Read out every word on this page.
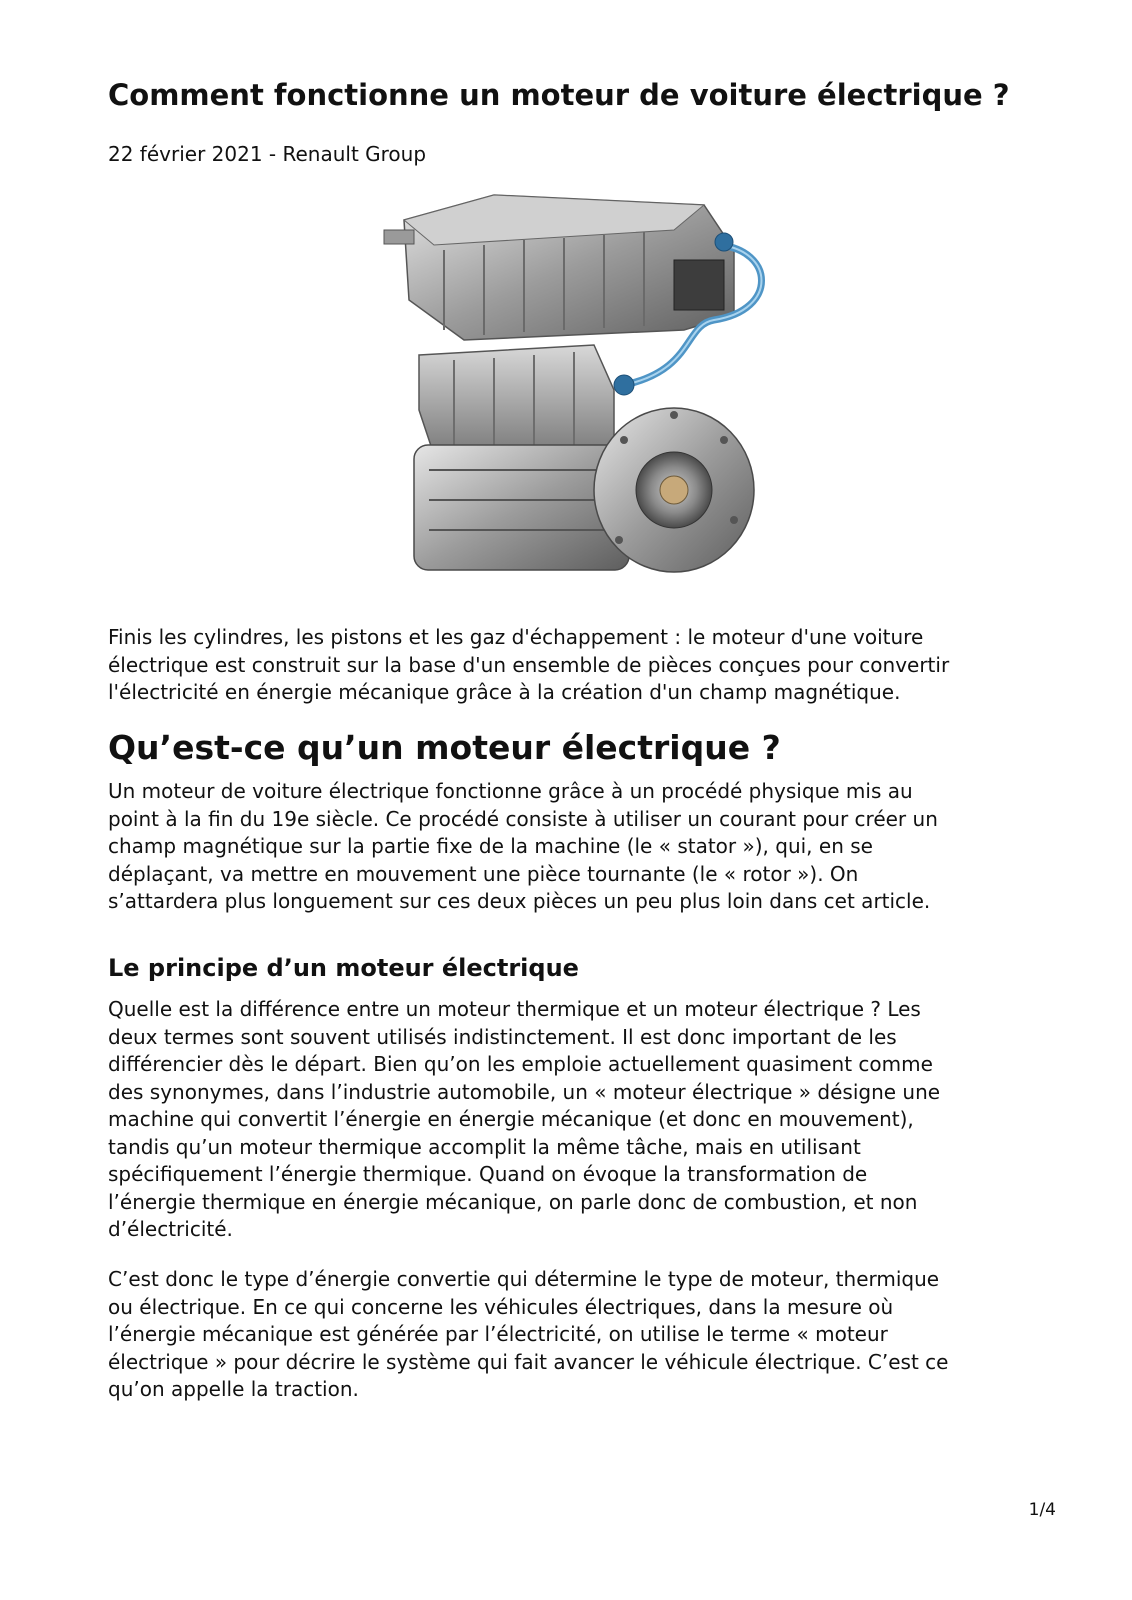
Comment fonctionne un moteur de voiture électrique ?
22 février 2021 - Renault Group

Finis les cylindres, les pistons et les gaz d'échappement : le moteur d'une voiture
électrique est construit sur la base d'un ensemble de pièces conçues pour convertir
l'électricité en énergie mécanique grâce à la création d'un champ magnétique.

Qu’est-ce qu’un moteur électrique ?

Un moteur de voiture électrique fonctionne grâce à un procédé physique mis au
point à la fin du 19e siècle. Ce procédé consiste à utiliser un courant pour créer un
champ magnétique sur la partie fixe de la machine (le « stator »), qui, en se
déplaçant, va mettre en mouvement une pièce tournante (le « rotor »). On
s’attardera plus longuement sur ces deux pièces un peu plus loin dans cet article.

Le principe d’un moteur électrique

Quelle est la différence entre un moteur thermique et un moteur électrique ? Les
deux termes sont souvent utilisés indistinctement. Il est donc important de les
différencier dès le départ. Bien qu’on les emploie actuellement quasiment comme
des synonymes, dans l’industrie automobile, un « moteur électrique » désigne une
machine qui convertit l’énergie en énergie mécanique (et donc en mouvement),
tandis qu’un moteur thermique accomplit la même tâche, mais en utilisant
spécifiquement l’énergie thermique. Quand on évoque la transformation de
l’énergie thermique en énergie mécanique, on parle donc de combustion, et non
d’électricité.

C’est donc le type d’énergie convertie qui détermine le type de moteur, thermique
ou électrique. En ce qui concerne les véhicules électriques, dans la mesure où
l’énergie mécanique est générée par l’électricité, on utilise le terme « moteur
électrique » pour décrire le système qui fait avancer le véhicule électrique. C’est ce
qu’on appelle la traction.

1/4
